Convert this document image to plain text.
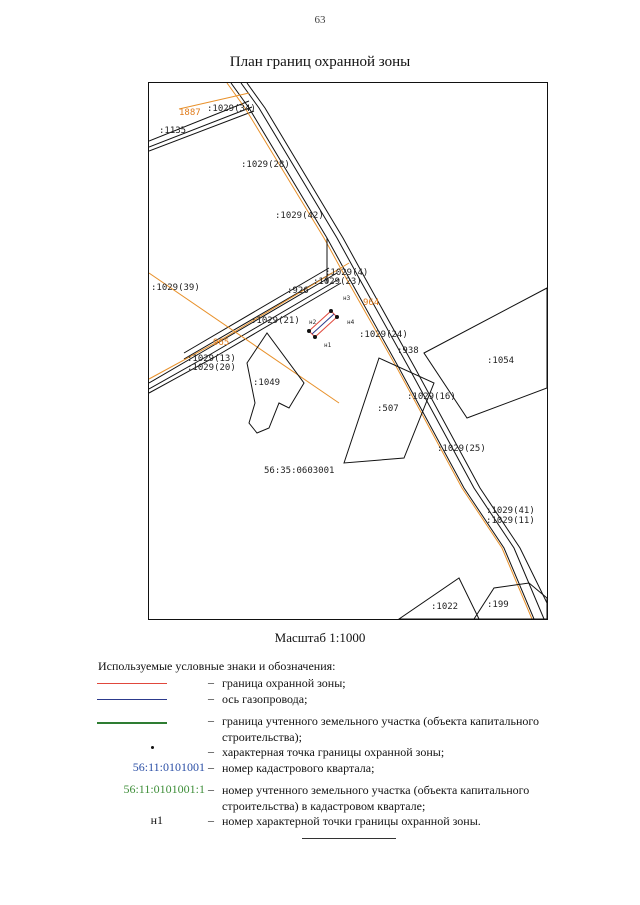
63
План границ охранной зоны
:1029(34)
:1135
:1029(28)
:1029(42)
:1029(4)
:1029(23)
:1029(39)	:926
:1029(21)
:1029(24)
:938
:1054
:1029(13)
:1029(20)
:1049
:1029(16)
:507
:1029(25)
56:35:0603001
:1029(41)
:1029(11)
:1022	:199
965
964
1887
н1
н2
н3
н4
Масштаб 1:1000
Используемые условные знаки и обозначения:
– граница охранной зоны;
– ось газопровода;
– граница учтенного земельного участка (объекта капитального строительства);
– характерная точка границы охранной зоны;
56:11:0101001 – номер кадастрового квартала;
56:11:0101001:1 – номер учтенного земельного участка (объекта капитального строительства) в кадастровом квартале;
н1	– номер характерной точки границы охранной зоны.
